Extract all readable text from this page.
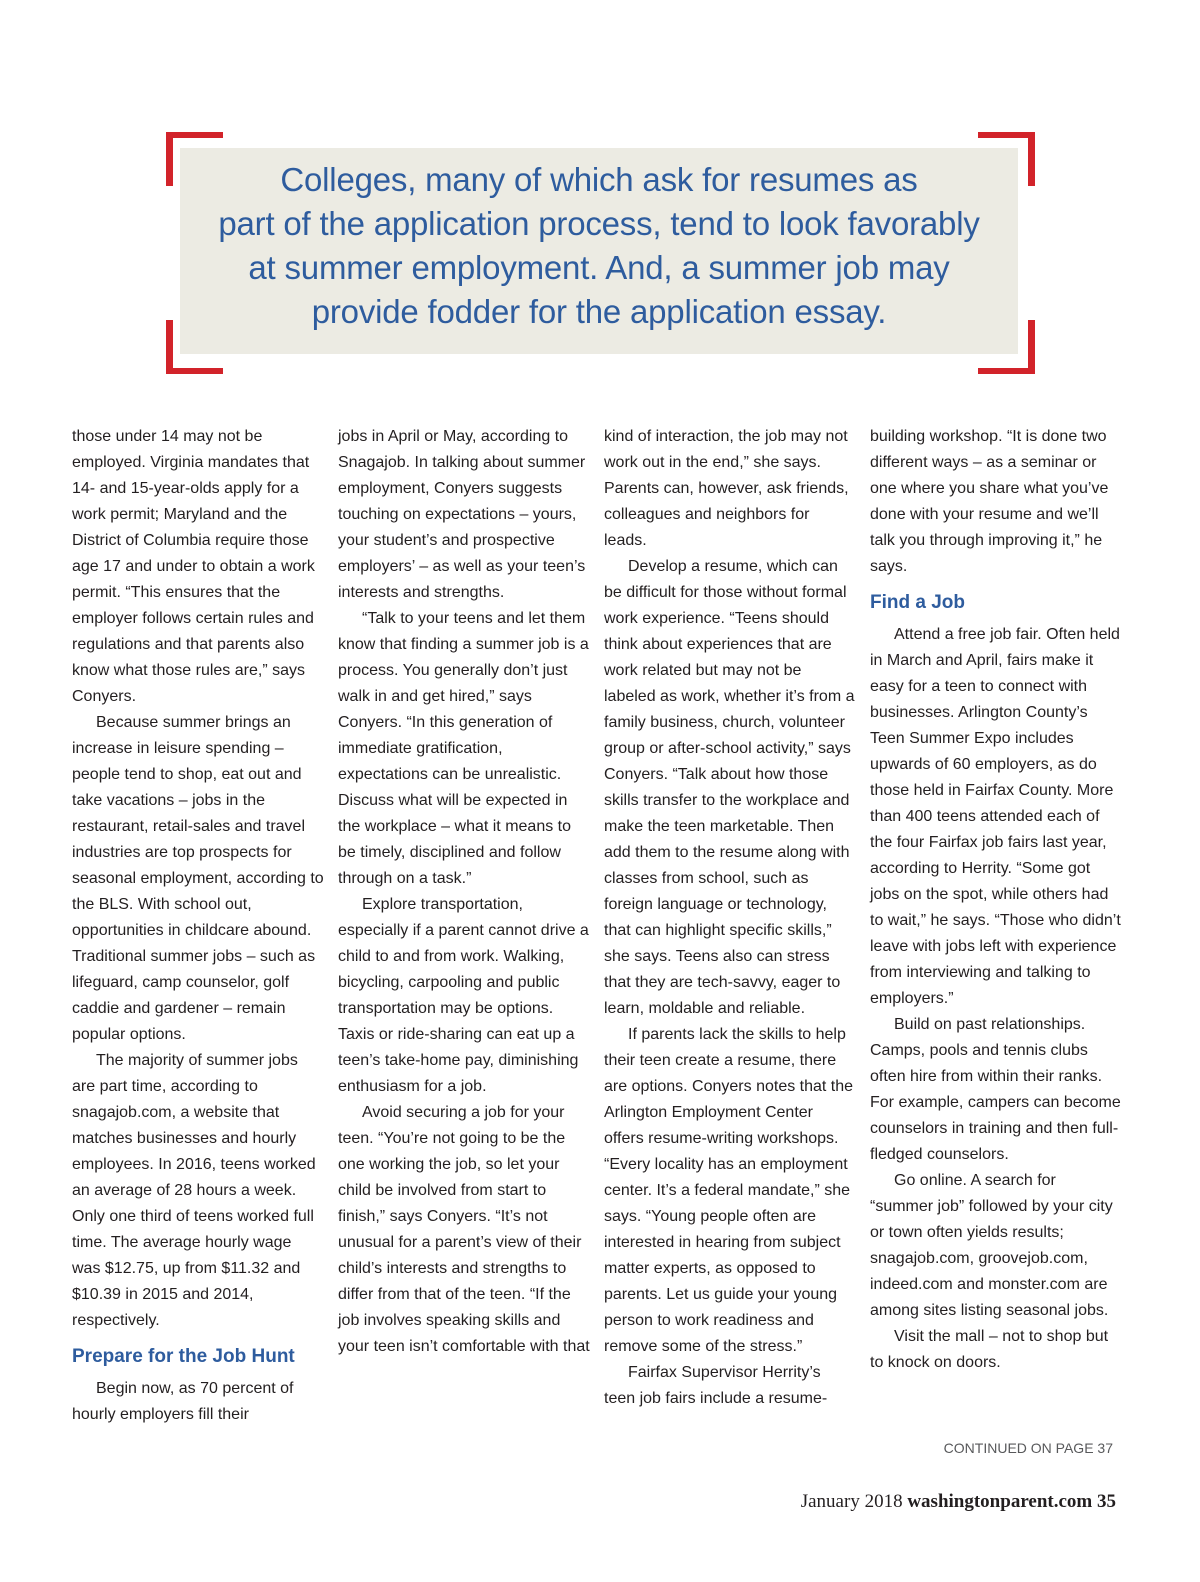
Colleges, many of which ask for resumes as
part of the application process, tend to look favorably
at summer employment. And, a summer job may
provide fodder for the application essay.

those under 14 may not be employed. Virginia mandates that 14- and 15-year-olds apply for a work permit; Maryland and the District of Columbia require those age 17 and under to obtain a work permit. “This ensures that the employer follows certain rules and regulations and that parents also know what those rules are,” says Conyers.

Because summer brings an increase in leisure spending – people tend to shop, eat out and take vacations – jobs in the restaurant, retail-sales and travel industries are top prospects for seasonal employment, according to the BLS. With school out, opportunities in childcare abound. Traditional summer jobs – such as lifeguard, camp counselor, golf caddie and gardener – remain popular options.

The majority of summer jobs are part time, according to snagajob.com, a website that matches businesses and hourly employees. In 2016, teens worked an average of 28 hours a week. Only one third of teens worked full time. The average hourly wage was $12.75, up from $11.32 and $10.39 in 2015 and 2014, respectively.

Prepare for the Job Hunt

Begin now, as 70 percent of hourly employers fill their

jobs in April or May, according to Snagajob. In talking about summer employment, Conyers suggests touching on expectations – yours, your student’s and prospective employers’ – as well as your teen’s interests and strengths.

“Talk to your teens and let them know that finding a summer job is a process. You generally don’t just walk in and get hired,” says Conyers. “In this generation of immediate gratification, expectations can be unrealistic. Discuss what will be expected in the workplace – what it means to be timely, disciplined and follow through on a task.”

Explore transportation, especially if a parent cannot drive a child to and from work. Walking, bicycling, carpooling and public transportation may be options. Taxis or ride-sharing can eat up a teen’s take-home pay, diminishing enthusiasm for a job.

Avoid securing a job for your teen. “You’re not going to be the one working the job, so let your child be involved from start to finish,” says Conyers. “It’s not unusual for a parent’s view of their child’s interests and strengths to differ from that of the teen. “If the job involves speaking skills and your teen isn’t comfortable with that

kind of interaction, the job may not work out in the end,” she says. Parents can, however, ask friends, colleagues and neighbors for leads.

Develop a resume, which can be difficult for those without formal work experience. “Teens should think about experiences that are work related but may not be labeled as work, whether it’s from a family business, church, volunteer group or after-school activity,” says Conyers. “Talk about how those skills transfer to the workplace and make the teen marketable. Then add them to the resume along with classes from school, such as foreign language or technology, that can highlight specific skills,” she says. Teens also can stress that they are tech-savvy, eager to learn, moldable and reliable.

If parents lack the skills to help their teen create a resume, there are options. Conyers notes that the Arlington Employment Center offers resume-writing workshops. “Every locality has an employment center. It’s a federal mandate,” she says. “Young people often are interested in hearing from subject matter experts, as opposed to parents. Let us guide your young person to work readiness and remove some of the stress.”

Fairfax Supervisor Herrity’s teen job fairs include a resume-

building workshop. “It is done two different ways – as a seminar or one where you share what you’ve done with your resume and we’ll talk you through improving it,” he says.

Find a Job

Attend a free job fair. Often held in March and April, fairs make it easy for a teen to connect with businesses. Arlington County’s Teen Summer Expo includes upwards of 60 employers, as do those held in Fairfax County. More than 400 teens attended each of the four Fairfax job fairs last year, according to Herrity. “Some got jobs on the spot, while others had to wait,” he says. “Those who didn’t leave with jobs left with experience from interviewing and talking to employers.”

Build on past relationships. Camps, pools and tennis clubs often hire from within their ranks. For example, campers can become counselors in training and then full-fledged counselors.

Go online. A search for “summer job” followed by your city or town often yields results; snagajob.com, groovejob.com, indeed.com and monster.com are among sites listing seasonal jobs.

Visit the mall – not to shop but to knock on doors.

CONTINUED ON PAGE 37
January 2018 washingtonparent.com 35
